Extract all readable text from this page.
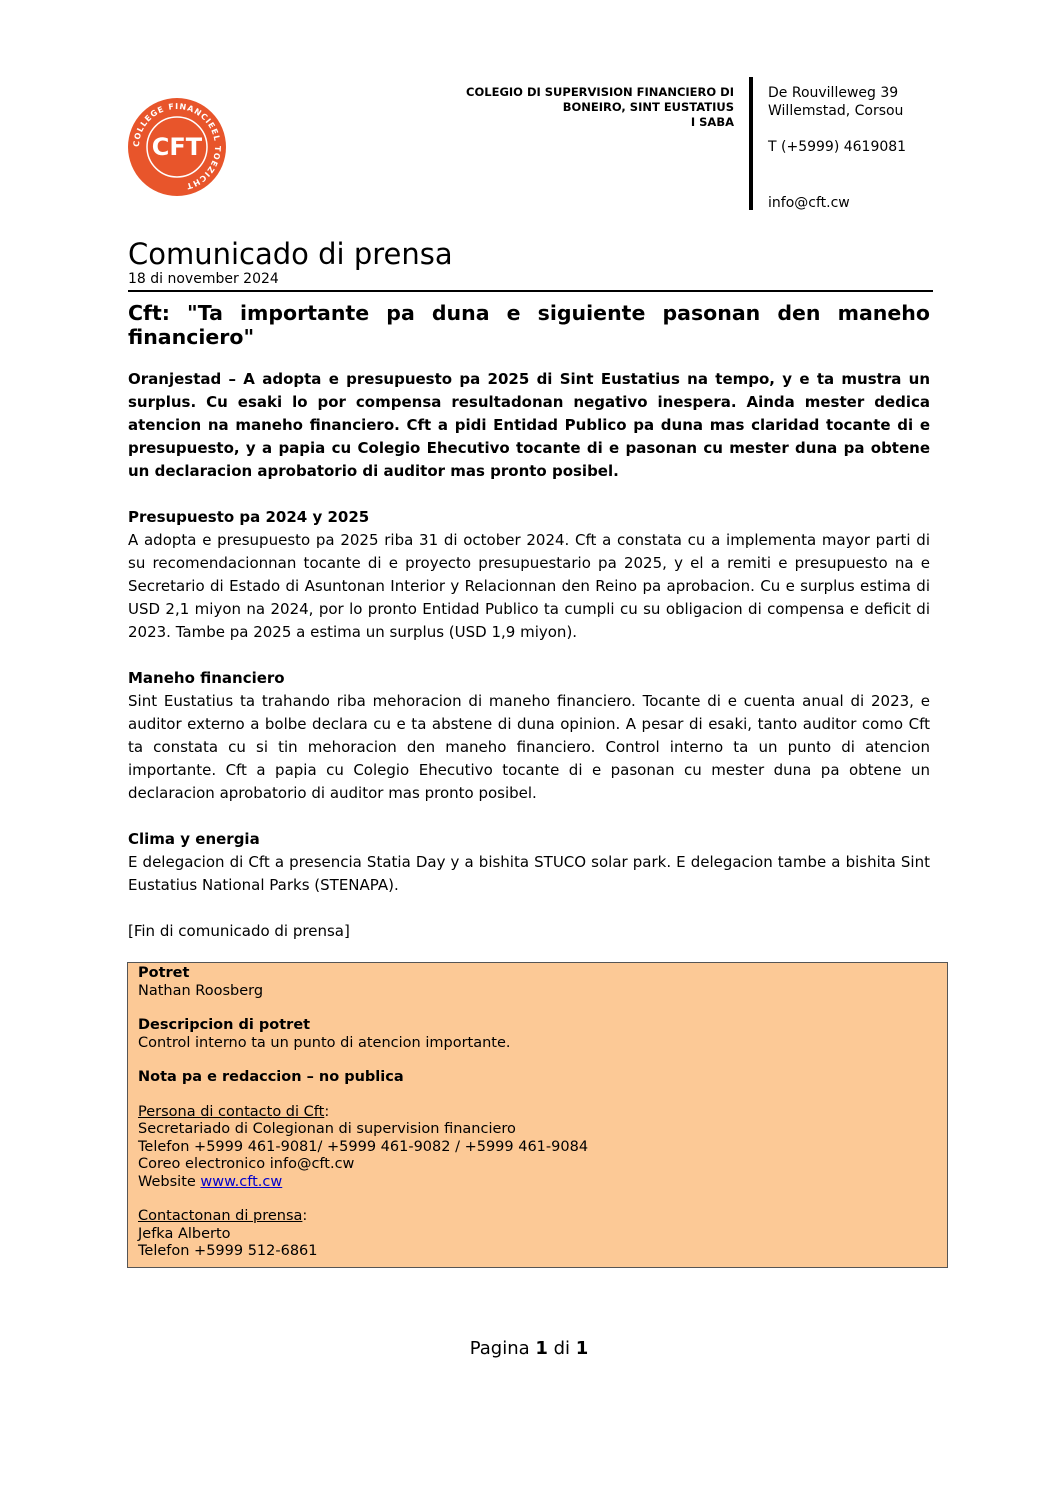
COLLEGE FINANCIEEL TOEZICHT
CFT
COLEGIO DI SUPERVISION FINANCIERO DI
BONEIRO, SINT EUSTATIUS
I SABA
De Rouvilleweg 39
Willemstad, Corsou
T (+5999) 4619081
info@cft.cw
Comunicado di prensa
18 di november 2024
Cft: "Ta importante pa duna e siguiente pasonan den maneho financiero"

Oranjestad – A adopta e presupuesto pa 2025 di Sint Eustatius na tempo, y e ta mustra un surplus. Cu esaki lo por compensa resultadonan negativo inespera. Ainda mester dedica atencion na maneho financiero. Cft a pidi Entidad Publico pa duna mas claridad tocante di e presupuesto, y a papia cu Colegio Ehecutivo tocante di e pasonan cu mester duna pa obtene un declaracion aprobatorio di auditor mas pronto posibel.

Presupuesto pa 2024 y 2025

A adopta e presupuesto pa 2025 riba 31 di october 2024. Cft a constata cu a implementa mayor parti di su recomendacionnan tocante di e proyecto presupuestario pa 2025, y el a remiti e presupuesto na e Secretario di Estado di Asuntonan Interior y Relacionnan den Reino pa aprobacion. Cu e surplus estima di USD 2,1 miyon na 2024, por lo pronto Entidad Publico ta cumpli cu su obligacion di compensa e deficit di 2023. Tambe pa 2025 a estima un surplus (USD 1,9 miyon).

Maneho financiero

Sint Eustatius ta trahando riba mehoracion di maneho financiero. Tocante di e cuenta anual di 2023, e auditor externo a bolbe declara cu e ta abstene di duna opinion. A pesar di esaki, tanto auditor como Cft ta constata cu si tin mehoracion den maneho financiero. Control interno ta un punto di atencion importante. Cft a papia cu Colegio Ehecutivo tocante di e pasonan cu mester duna pa obtene un declaracion aprobatorio di auditor mas pronto posibel.

Clima y energia

E delegacion di Cft a presencia Statia Day y a bishita STUCO solar park. E delegacion tambe a bishita Sint Eustatius National Parks (STENAPA).

[Fin di comunicado di prensa]

Potret

Nathan Roosberg

Descripcion di potret

Control interno ta un punto di atencion importante.

Nota pa e redaccion – no publica

Persona di contacto di Cft:

Secretariado di Colegionan di supervision financiero

Telefon +5999 461-9081/ +5999 461-9082 / +5999 461-9084

Coreo electronico info@cft.cw

Website www.cft.cw

Contactonan di prensa:

Jefka Alberto

Telefon +5999 512-6861

Pagina 1 di 1
